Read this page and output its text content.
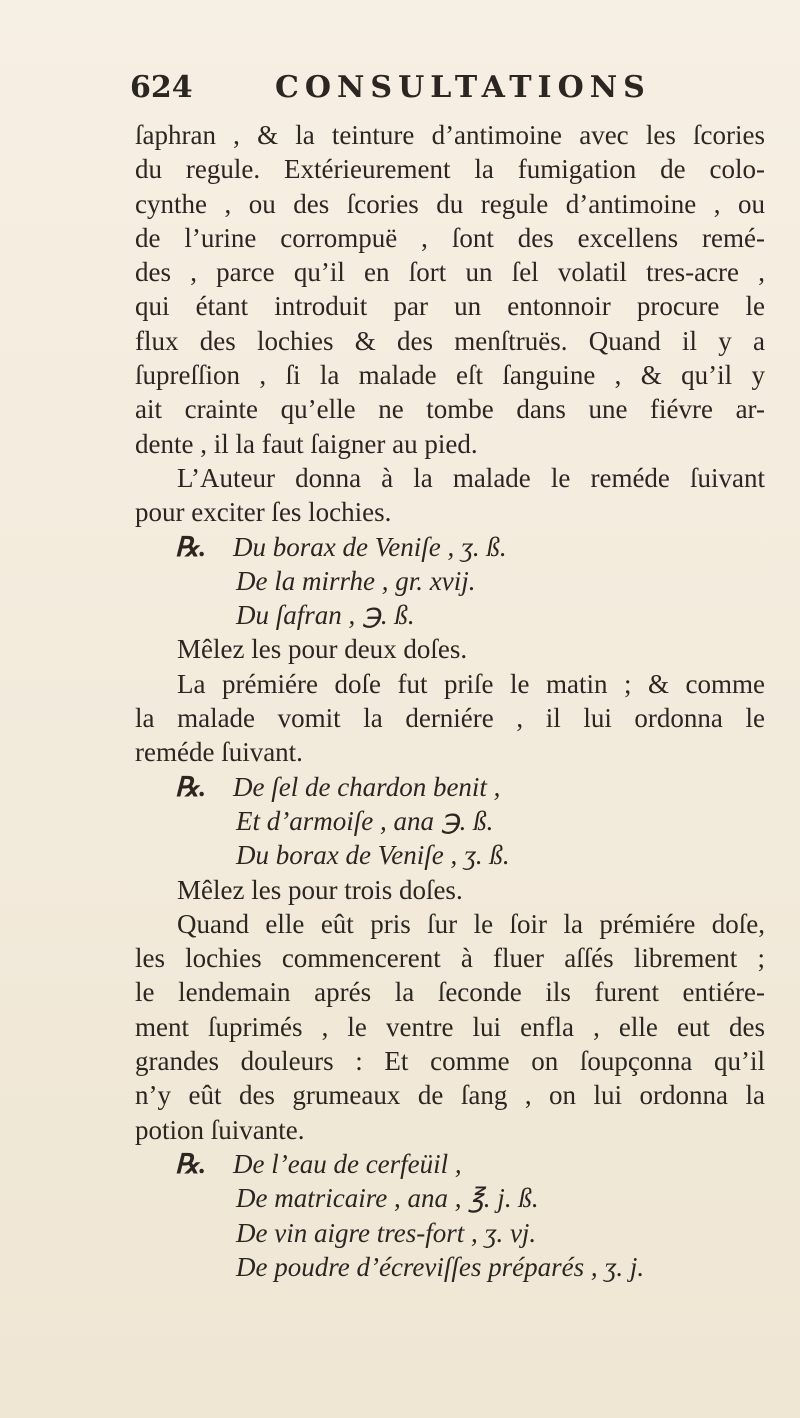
624	CONSULTATIONS
ſaphran , & la teinture d’antimoine avec les ſcories
du regule. Extérieurement la fumigation de colo-
cynthe , ou des ſcories du regule d’antimoine , ou
de l’urine corrompuë , ſont des excellens remé-
des , parce qu’il en ſort un ſel volatil tres-acre ,
qui étant introduit par un entonnoir procure le
flux des lochies & des menſtruës. Quand il y a
ſupreſſion , ſi la malade eſt ſanguine , & qu’il y
ait crainte qu’elle ne tombe dans une fiévre ar-
dente , il la faut ſaigner au pied.
L’Auteur donna à la malade le reméde ſuivant
pour exciter ſes lochies.
℞. Du borax de Veniſe , ʒ. ß.
De la mirrhe , gr. xvij.
Du ſafran , ℈. ß.
Mêlez les pour deux doſes.
La prémiére doſe fut priſe le matin ; & comme
la malade vomit la derniére , il lui ordonna le
reméde ſuivant.
℞. De ſel de chardon benit ,
Et d’armoiſe , ana ℈. ß.
Du borax de Veniſe , ʒ. ß.
Mêlez les pour trois doſes.
Quand elle eût pris ſur le ſoir la prémiére doſe,
les lochies commencerent à fluer aſſés librement ;
le lendemain aprés la ſeconde ils furent entiére-
ment ſuprimés , le ventre lui enfla , elle eut des
grandes douleurs : Et comme on ſoupçonna qu’il
n’y eût des grumeaux de ſang , on lui ordonna la
potion ſuivante.
℞. De l’eau de cerfeüil ,
De matricaire , ana , ℥. j. ß.
De vin aigre tres-fort , ʒ. vj.
De poudre d’écreviſſes préparés , ʒ. j.
